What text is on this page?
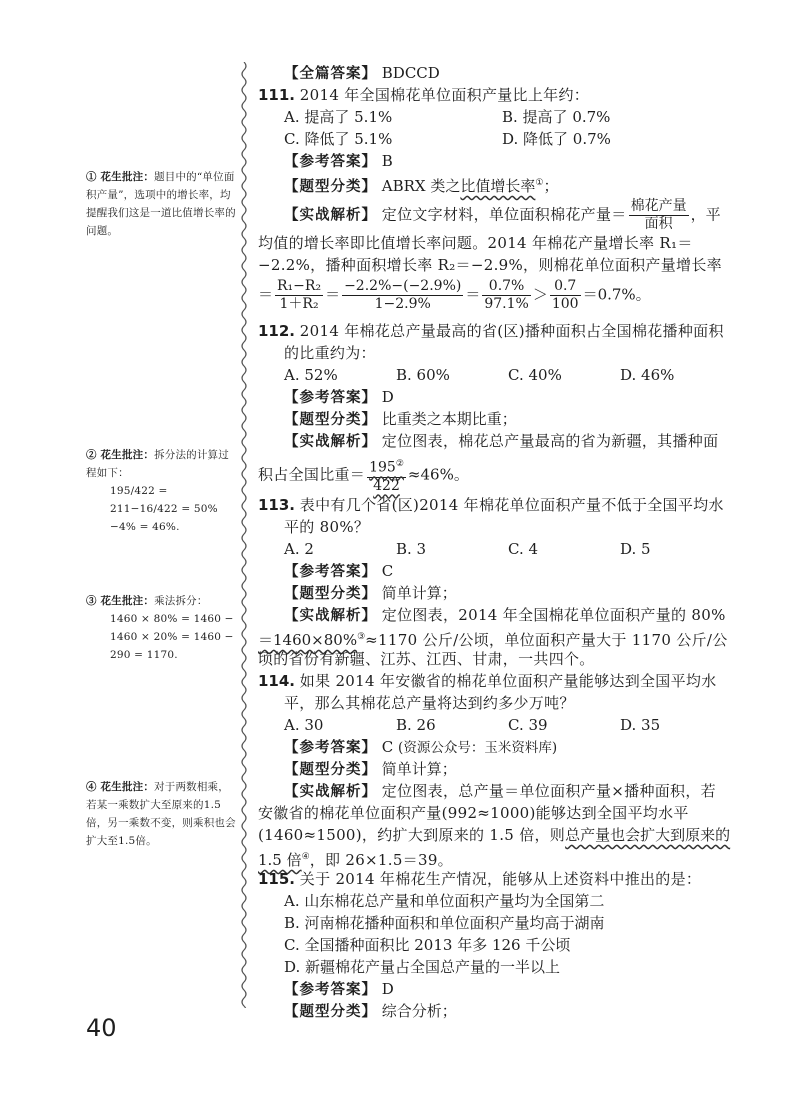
① 花生批注：题目中的“单位面积产量”，选项中的增长率，均提醒我们这是一道比值增长率的问题。
② 花生批注：拆分法的计算过程如下：
195/422 = 211−16/422 = 50%−4% = 46%.
③ 花生批注：乘法拆分：
1460 × 80% = 1460 − 1460 × 20% = 1460 − 290 = 1170.
④ 花生批注：对于两数相乘，若某一乘数扩大至原来的1.5倍，另一乘数不变，则乘积也会扩大至1.5倍。
【全篇答案】 BDCCD
111. 2014 年全国棉花单位面积产量比上年约：
A. 提高了 5.1%	B. 提高了 0.7%
C. 降低了 5.1%	D. 降低了 0.7%
【参考答案】 B
【题型分类】 ABRX 类之比值增长率①；
【实战解析】 定位文字材料，单位面积棉花产量＝ $\frac{\text{棉花产量}}{\text{面积}}$ ，平
均值的增长率即比值增长率问题。2014 年棉花产量增长率 R₁＝
−2.2%，播种面积增长率 R₂＝−2.9%，则棉花单位面积产量增长率
＝ $\frac{\text{R₁−R₂}}{\text{1＋R₂}} = \frac{-2.2\%-(-2.9\%)}{1-2.9\%} = \frac{0.7\%}{97.1\%} > \frac{0.7}{100} =0.7\%$。
112. 2014 年棉花总产量最高的省(区)播种面积占全国棉花播种面积
的比重约为：
A. 52%	B. 60%	C. 40%	D. 46%
【参考答案】 D
【题型分类】 比重类之本期比重；
【实战解析】 定位图表，棉花总产量最高的省为新疆，其播种面
积占全国比重＝ $\frac{195^②}{422} \approx 46\%$。
113. 表中有几个省(区)2014 年棉花单位面积产量不低于全国平均水
平的 80%？
A. 2	B. 3	C. 4	D. 5
【参考答案】 C
【题型分类】 简单计算；
【实战解析】 定位图表，2014 年全国棉花单位面积产量的 80%
＝1460×80%③≈1170 公斤/公顷，单位面积产量大于 1170 公斤/公
顷的省份有新疆、江苏、江西、甘肃，一共四个。
114. 如果 2014 年安徽省的棉花单位面积产量能够达到全国平均水
平，那么其棉花总产量将达到约多少万吨？
A. 30	B. 26	C. 39	D. 35
【参考答案】 C (资源公众号：玉米资料库)
【题型分类】 简单计算；
【实战解析】 定位图表，总产量＝单位面积产量×播种面积，若
安徽省的棉花单位面积产量(992≈1000)能够达到全国平均水平
(1460≈1500)，约扩大到原来的 1.5 倍，则总产量也会扩大到原来的
1.5 倍④，即 26×1.5＝39。
115. 关于 2014 年棉花生产情况，能够从上述资料中推出的是：
A. 山东棉花总产量和单位面积产量均为全国第二
B. 河南棉花播种面积和单位面积产量均高于湖南
C. 全国播种面积比 2013 年多 126 千公顷
D. 新疆棉花产量占全国总产量的一半以上
【参考答案】 D
【题型分类】 综合分析；
40
